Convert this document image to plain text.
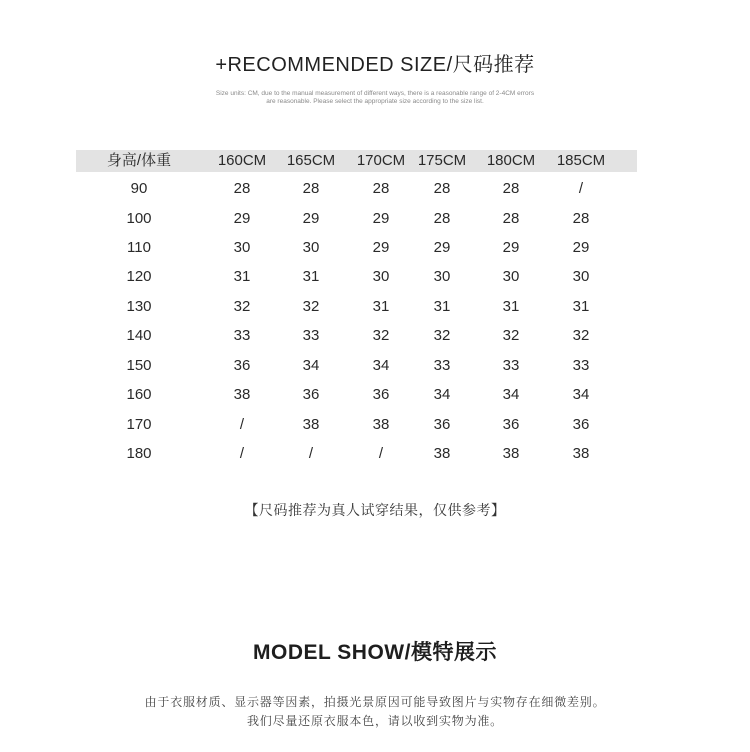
+RECOMMENDED SIZE/尺码推荐
Size units: CM, due to the manual measurement of different ways, there is a reasonable range of 2-4CM errors
are reasonable. Please select the appropriate size according to the size list.
身高/体重	160CM 165CM 170CM 175CM 180CM 185CM
90	28	28	28	28	28	/
100	29	29	29	28	28	28
110	30	30	29	29	29	29
120	31	31	30	30	30	30
130	32	32	31	31	31	31
140	33	33	32	32	32	32
150	36	34	34	33	33	33
160	38	36	36	34	34	34
170	/	38	38	36	36	36
180	/	/	/	38	38	38
【尺码推荐为真人试穿结果，仅供参考】
MODEL SHOW/模特展示
由于衣服材质、显示器等因素，拍摄光景原因可能导致图片与实物存在细微差别。
我们尽量还原衣服本色，请以收到实物为准。
